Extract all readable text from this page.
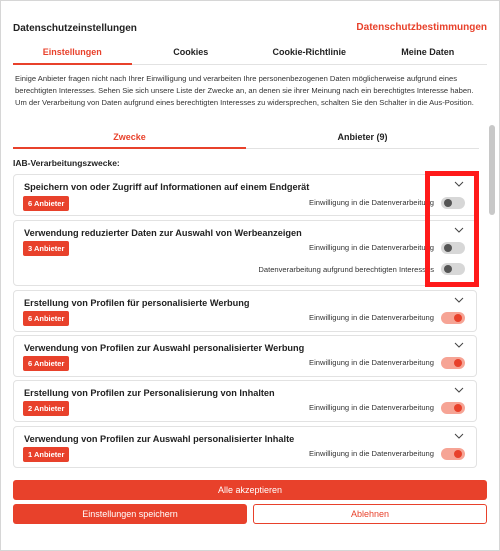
Datenschutzeinstellungen	Datenschutzbestimmungen
Einstellungen	Cookies	Cookie-Richtlinie	Meine Daten

Einige Anbieter fragen nicht nach Ihrer Einwilligung und verarbeiten Ihre personenbezogenen Daten möglicherweise aufgrund eines berechtigten Interesses. Sehen Sie sich unsere Liste der Zwecke an, an denen sie ihrer Meinung nach ein berechtigtes Interesse haben. Um der Verarbeitung von Daten aufgrund eines berechtigten Interesses zu widersprechen, schalten Sie den Schalter in die Aus-Position.

Zwecke	Anbieter (9)
IAB-Verarbeitungszwecke:
Speichern von oder Zugriff auf Informationen auf einem Endgerät
6 Anbieter	Einwilligung in die Datenverarbeitung
Verwendung reduzierter Daten zur Auswahl von Werbeanzeigen
3 Anbieter	Einwilligung in die Datenverarbeitung
Datenverarbeitung aufgrund berechtigten Interesses
Erstellung von Profilen für personalisierte Werbung
6 Anbieter	Einwilligung in die Datenverarbeitung
Verwendung von Profilen zur Auswahl personalisierter Werbung
6 Anbieter	Einwilligung in die Datenverarbeitung
Erstellung von Profilen zur Personalisierung von Inhalten
2 Anbieter	Einwilligung in die Datenverarbeitung
Verwendung von Profilen zur Auswahl personalisierter Inhalte
1 Anbieter	Einwilligung in die Datenverarbeitung
Alle akzeptieren
Einstellungen speichern	Ablehnen
